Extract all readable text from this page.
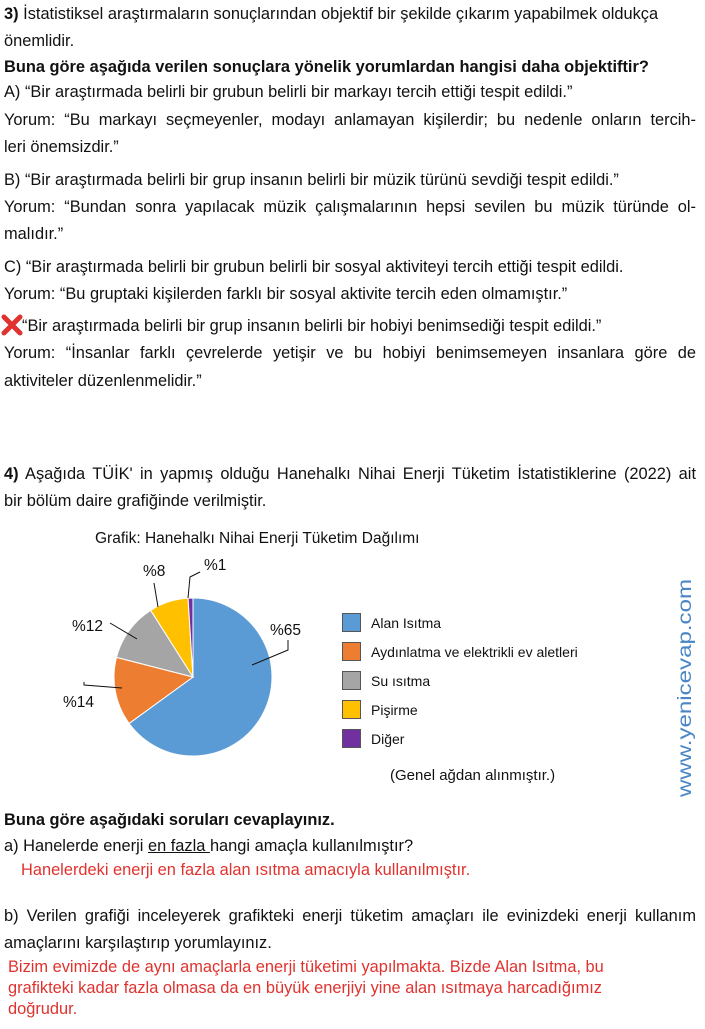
3) İstatistiksel araştırmaların sonuçlarından objektif bir şekilde çıkarım yapabilmek oldukça
önemlidir.
Buna göre aşağıda verilen sonuçlara yönelik yorumlardan hangisi daha objektiftir?
A) “Bir araştırmada belirli bir grubun belirli bir markayı tercih ettiği tespit edildi.”
Yorum: “Bu markayı seçmeyenler, modayı anlamayan kişilerdir; bu nedenle onların tercih-
leri önemsizdir.”
B) “Bir araştırmada belirli bir grup insanın belirli bir müzik türünü sevdiği tespit edildi.”
Yorum: “Bundan sonra yapılacak müzik çalışmalarının hepsi sevilen bu müzik türünde ol-
malıdır.”
C) “Bir araştırmada belirli bir grubun belirli bir sosyal aktiviteyi tercih ettiği tespit edildi.
Yorum: “Bu gruptaki kişilerden farklı bir sosyal aktivite tercih eden olmamıştır.”
“Bir araştırmada belirli bir grup insanın belirli bir hobiyi benimsediği tespit edildi.”
Yorum: “İnsanlar farklı çevrelerde yetişir ve bu hobiyi benimsemeyen insanlara göre de
aktiviteler düzenlenmelidir.”
4) Aşağıda TÜİK' in yapmış olduğu Hanehalkı Nihai Enerji Tüketim İstatistiklerine (2022) ait
bir bölüm daire grafiğinde verilmiştir.
Grafik: Hanehalkı Nihai Enerji Tüketim Dağılımı
%65
%14
%12
%8 %1
Alan Isıtma
Aydınlatma ve elektrikli ev aletleri
Su ısıtma
Pişirme
Diğer
(Genel ağdan alınmıştır.)	www.yenicevap.com
Buna göre aşağıdaki soruları cevaplayınız.
a) Hanelerde enerji en fazla hangi amaçla kullanılmıştır?
Hanelerdeki enerji en fazla alan ısıtma amacıyla kullanılmıştır.
b) Verilen grafiği inceleyerek grafikteki enerji tüketim amaçları ile evinizdeki enerji kullanım
amaçlarını karşılaştırıp yorumlayınız.
Bizim evimizde de aynı amaçlarla enerji tüketimi yapılmakta. Bizde Alan Isıtma, bu
grafikteki kadar fazla olmasa da en büyük enerjiyi yine alan ısıtmaya harcadığımız
doğrudur.
